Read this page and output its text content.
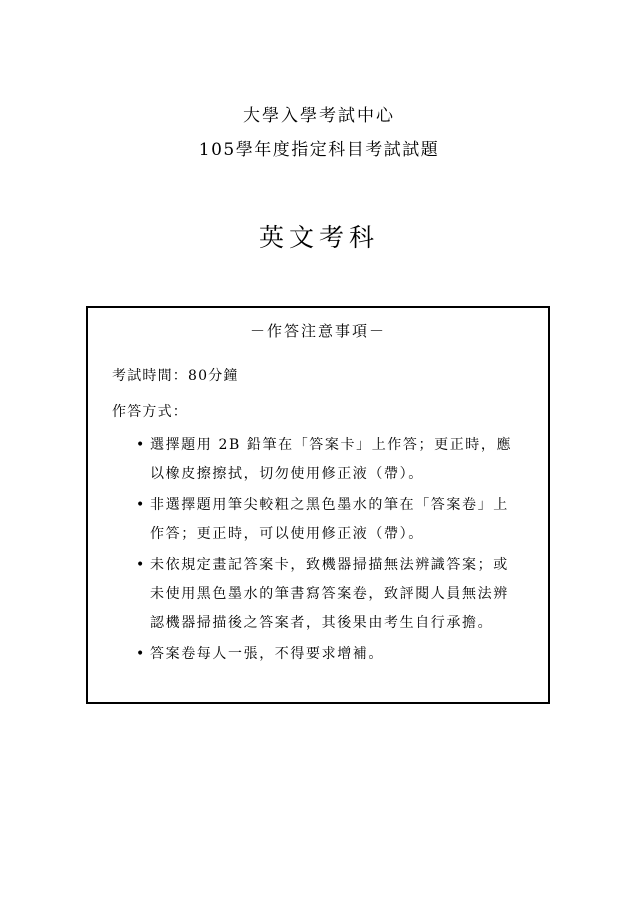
大學入學考試中心
105學年度指定科目考試試題
英文考科
－作答注意事項－
考試時間：80分鐘
作答方式：
• 選擇題用 2B 鉛筆在「答案卡」上作答；更正時，應
以橡皮擦擦拭，切勿使用修正液（帶）。
• 非選擇題用筆尖較粗之黑色墨水的筆在「答案卷」上
作答；更正時，可以使用修正液（帶）。
• 未依規定畫記答案卡，致機器掃描無法辨識答案；或
未使用黑色墨水的筆書寫答案卷，致評閱人員無法辨
認機器掃描後之答案者，其後果由考生自行承擔。
• 答案卷每人一張，不得要求增補。
